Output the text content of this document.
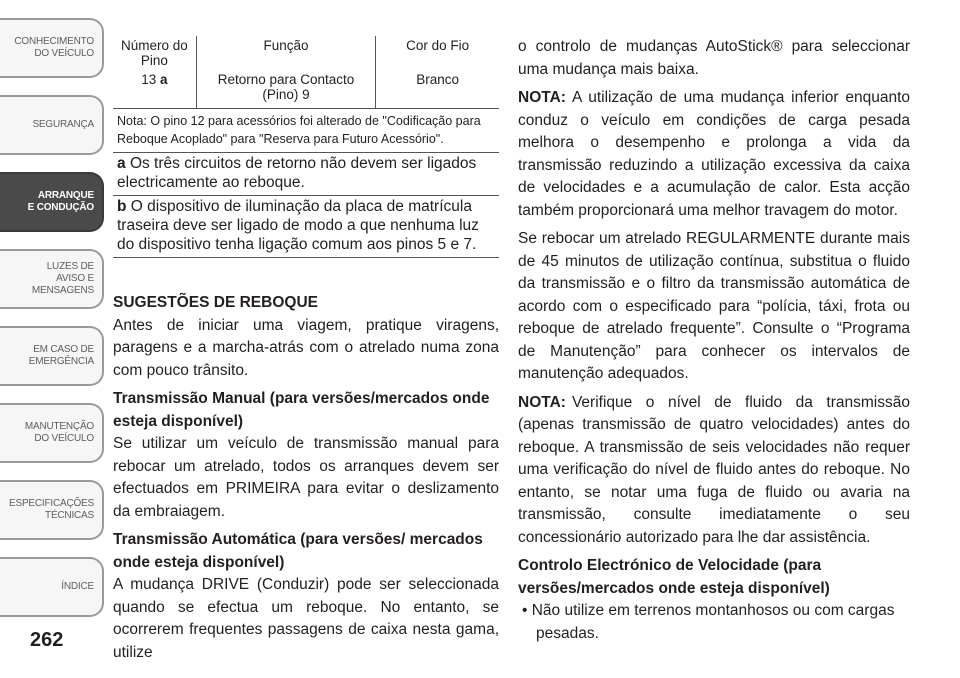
CONHECIMENTO
DO VEÍCULO
SEGURANÇA
ARRANQUE
E CONDUÇÃO
LUZES DE
AVISO E
MENSAGENS
EM CASO DE
EMERGÊNCIA
MANUTENÇÃO
DO VEÍCULO
ESPECIFICAÇÕES
TÉCNICAS
ÍNDICE
262
Número do Pino	Função	Cor do Fio
13 a	Retorno para Contacto (Pino) 9	Branco
Nota: O pino 12 para acessórios foi alterado de "Codificação para Reboque Acoplado" para "Reserva para Futuro Acessório".		
a Os três circuitos de retorno não devem ser ligados electricamente ao reboque.		
b O dispositivo de iluminação da placa de matrícula traseira deve ser ligado de modo a que nenhuma luz do dispositivo tenha ligação comum aos pinos 5 e 7.		
SUGESTÕES DE REBOQUE

Antes de iniciar uma viagem, pratique viragens, paragens e a marcha-atrás com o atrelado numa zona com pouco trânsito.

Transmissão Manual (para versões/mercados onde esteja disponível)

Se utilizar um veículo de transmissão manual para rebocar um atrelado, todos os arranques devem ser efectuados em PRIMEIRA para evitar o deslizamento da embraiagem.

Transmissão Automática (para versões/ mercados onde esteja disponível)

A mudança DRIVE (Conduzir) pode ser seleccionada quando se efectua um reboque. No entanto, se ocorrerem frequentes passagens de caixa nesta gama, utilize

o controlo de mudanças AutoStick® para seleccionar uma mudança mais baixa.

NOTA: A utilização de uma mudança inferior enquanto conduz o veículo em condições de carga pesada melhora o desempenho e prolonga a vida da transmissão reduzindo a utilização excessiva da caixa de velocidades e a acumulação de calor. Esta acção também proporcionará uma melhor travagem do motor.

Se rebocar um atrelado REGULARMENTE durante mais de 45 minutos de utilização contínua, substitua o fluido da transmissão e o filtro da transmissão automática de acordo com o especificado para “polícia, táxi, frota ou reboque de atrelado frequente”. Consulte o “Programa de Manutenção” para conhecer os intervalos de manutenção adequados.

NOTA: Verifique o nível de fluido da transmissão (apenas transmissão de quatro velocidades) antes do reboque. A transmissão de seis velocidades não requer uma verificação do nível de fluido antes do reboque. No entanto, se notar uma fuga de fluido ou avaria na transmissão, consulte imediatamente o seu concessionário autorizado para lhe dar assistência.

Controlo Electrónico de Velocidade (para versões/mercados onde esteja disponível)

• Não utilize em terrenos montanhosos ou com cargas pesadas.
